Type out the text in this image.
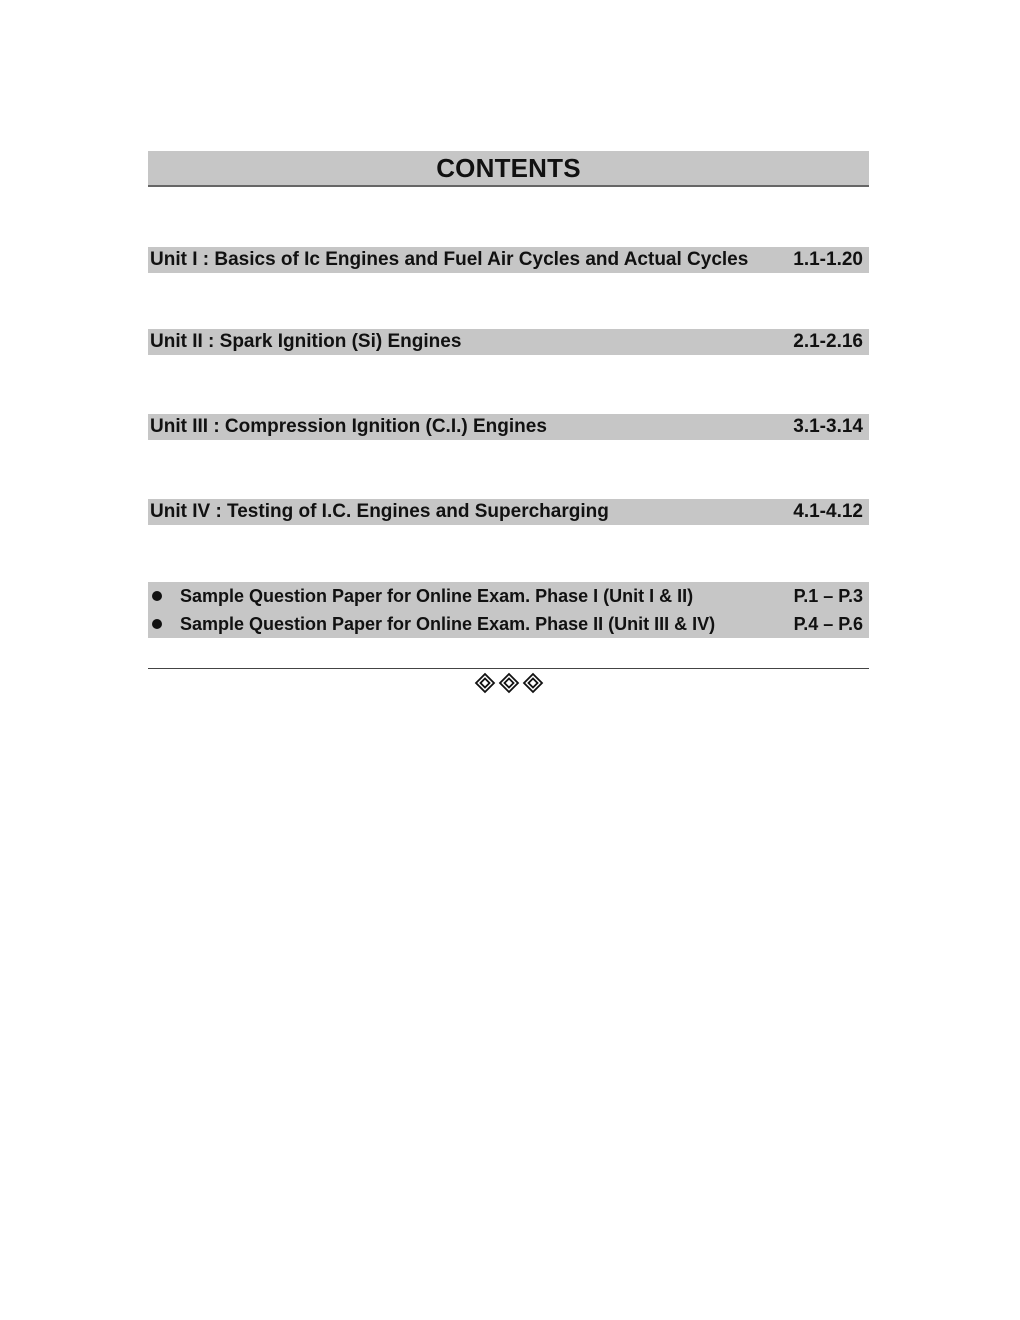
CONTENTS
Unit I : Basics of Ic Engines and Fuel Air Cycles and Actual Cycles 1.1-1.20
Unit II : Spark Ignition (Si) Engines	2.1-2.16
Unit III : Compression Ignition (C.I.) Engines	3.1-3.14
Unit IV : Testing of I.C. Engines and Supercharging	4.1-4.12
Sample Question Paper for Online Exam. Phase I (Unit I & II)	P.1 – P.3
Sample Question Paper for Online Exam. Phase II (Unit III & IV)	P.4 – P.6
